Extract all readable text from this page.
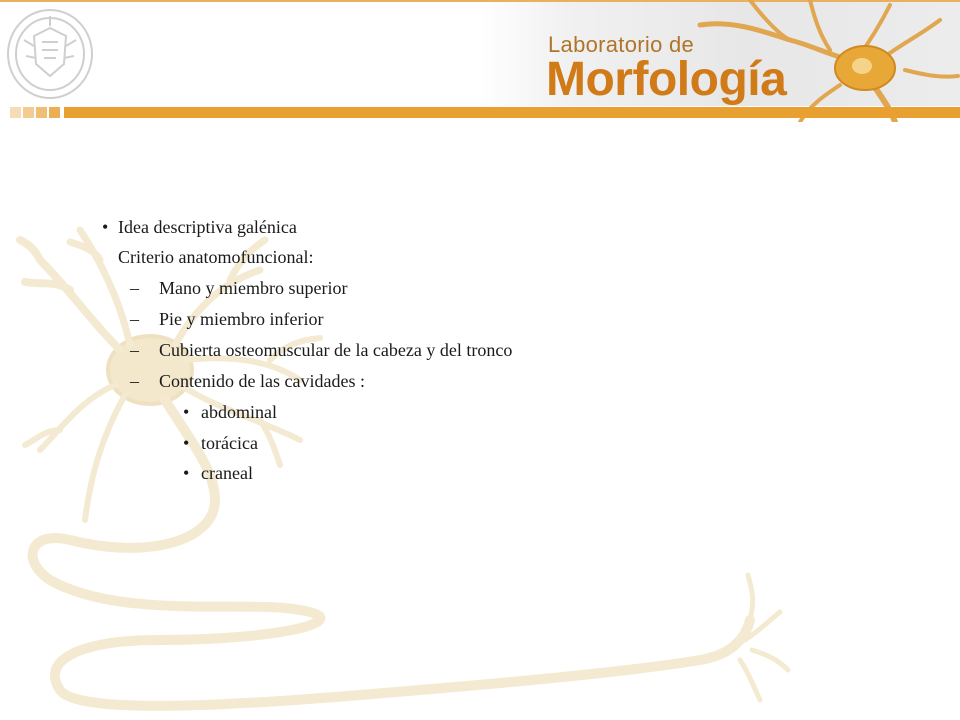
Laboratorio de
Morfología
• Idea descriptiva galénica
Criterio anatomofuncional:
– Mano y miembro superior
– Pie y miembro inferior
– Cubierta osteomuscular de la cabeza y del tronco
– Contenido de las cavidades :
• abdominal
• torácica
• craneal
